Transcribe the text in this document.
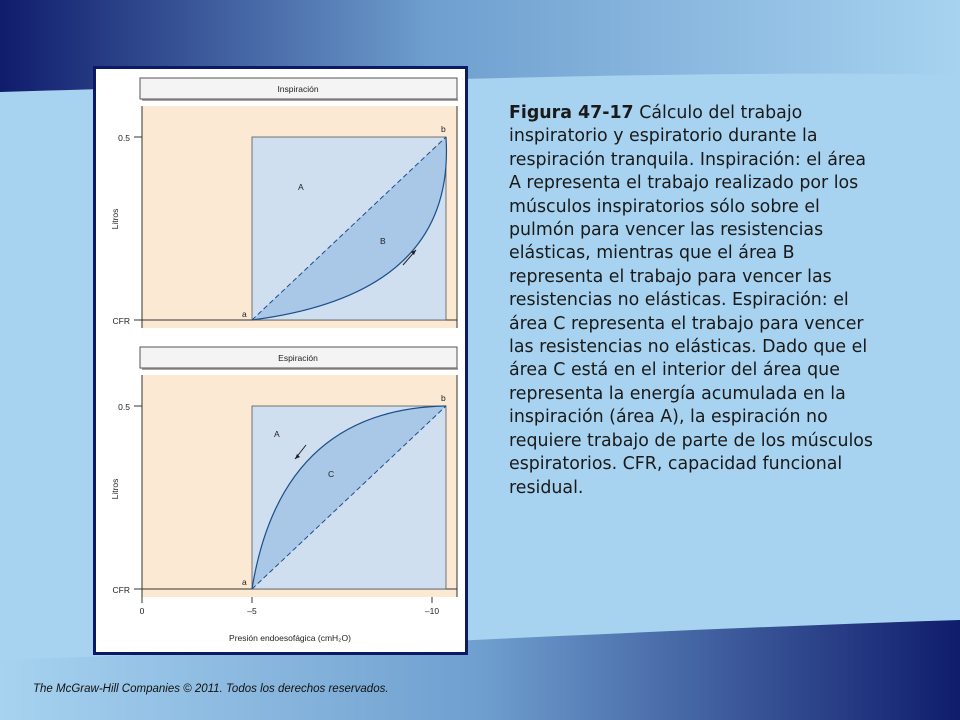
Inspiración
0.5
CFR
Litros
a
b
A
B
Espiración
0.5
CFR
Litros
a
b
A
C
0	–5	–10
Presión endoesofágica (cmH₂O)

Figura 47-17 Cálculo del trabajo inspiratorio y espiratorio durante la respiración tranquila. Inspiración: el área A representa el trabajo realizado por los músculos inspiratorios sólo sobre el pulmón para vencer las resistencias elásticas, mientras que el área B representa el trabajo para vencer las resistencias no elásticas. Espiración: el área C representa el trabajo para vencer las resistencias no elásticas. Dado que el área C está en el interior del área que representa la energía acumulada en la inspiración (área A), la espiración no requiere trabajo de parte de los músculos espiratorios. CFR, capacidad funcional residual.

The McGraw-Hill Companies © 2011. Todos los derechos reservados.
